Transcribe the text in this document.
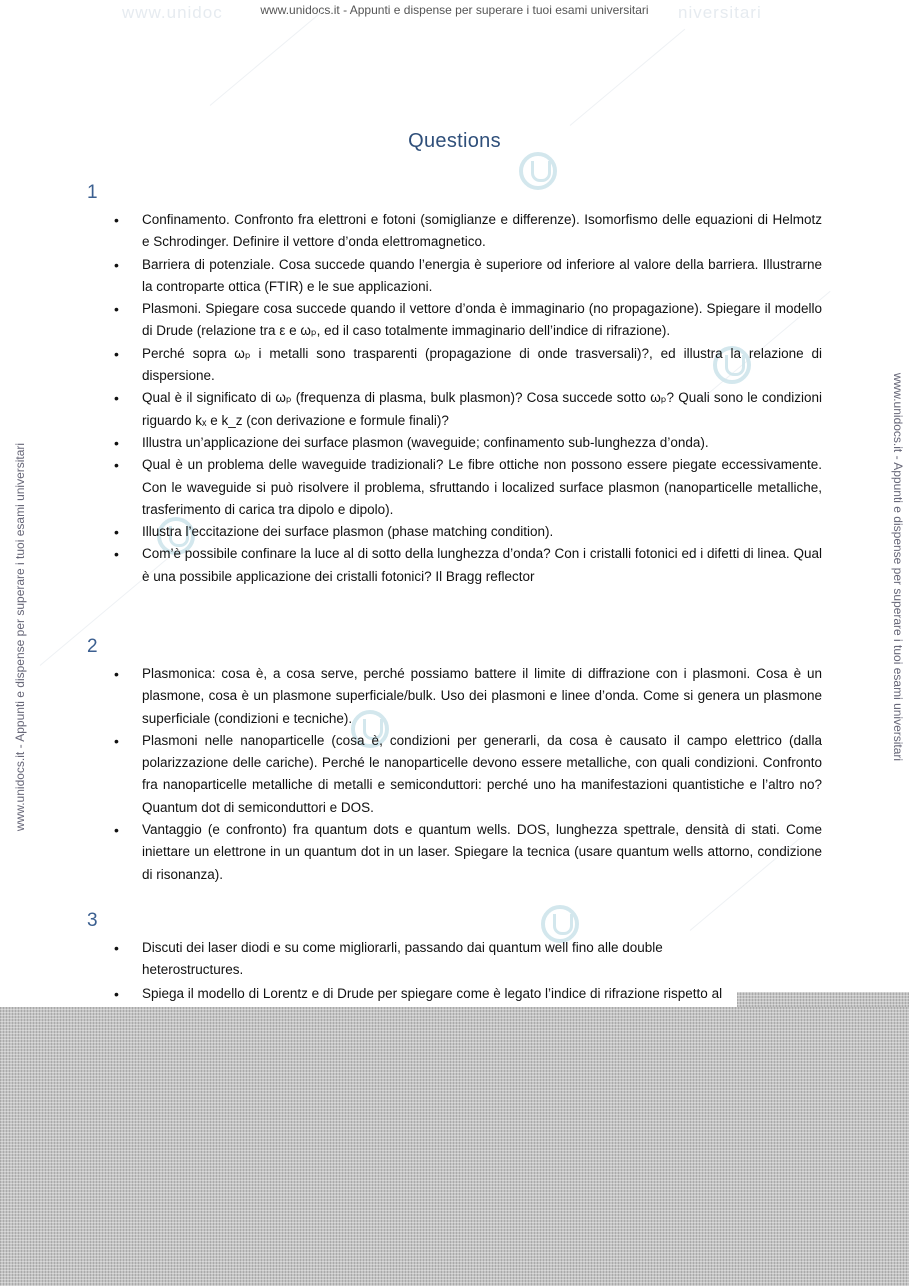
www.unidoc	niversitari
www.unidocs.it - Appunti e dispense per superare i tuoi esami universitari
www.unidocs.it - Appunti e dispense per superare i tuoi esami universitari	www.unidocs.it - Appunti e dispense per superare i tuoi esami universitari
Questions
1
• Confinamento. Confronto fra elettroni e fotoni (somiglianze e differenze). Isomorfismo delle equazioni di Helmotz e Schrodinger. Definire il vettore d’onda elettromagnetico.
• Barriera di potenziale. Cosa succede quando l’energia è superiore od inferiore al valore della barriera. Illustrarne la controparte ottica (FTIR) e le sue applicazioni.
• Plasmoni. Spiegare cosa succede quando il vettore d’onda è immaginario (no propagazione). Spiegare il modello di Drude (relazione tra ε e ωₚ, ed il caso totalmente immaginario dell’indice di rifrazione).
• Perché sopra ωₚ i metalli sono trasparenti (propagazione di onde trasversali)?, ed illustra la relazione di dispersione.
• Qual è il significato di ωₚ (frequenza di plasma, bulk plasmon)? Cosa succede sotto ωₚ? Quali sono le condizioni riguardo kₓ e k_z (con derivazione e formule finali)?
• Illustra un’applicazione dei surface plasmon (waveguide; confinamento sub-lunghezza d’onda).
• Qual è un problema delle waveguide tradizionali? Le fibre ottiche non possono essere piegate eccessivamente. Con le waveguide si può risolvere il problema, sfruttando i localized surface plasmon (nanoparticelle metalliche, trasferimento di carica tra dipolo e dipolo).
• Illustra l’eccitazione dei surface plasmon (phase matching condition).
• Com’è possibile confinare la luce al di sotto della lunghezza d’onda? Con i cristalli fotonici ed i difetti di linea. Qual è una possibile applicazione dei cristalli fotonici? Il Bragg reflector
2
• Plasmonica: cosa è, a cosa serve, perché possiamo battere il limite di diffrazione con i plasmoni. Cosa è un plasmone, cosa è un plasmone superficiale/bulk. Uso dei plasmoni e linee d’onda. Come si genera un plasmone superficiale (condizioni e tecniche).
• Plasmoni nelle nanoparticelle (cosa è, condizioni per generarli, da cosa è causato il campo elettrico (dalla polarizzazione delle cariche). Perché le nanoparticelle devono essere metalliche, con quali condizioni. Confronto fra nanoparticelle metalliche di metalli e semiconduttori: perché uno ha manifestazioni quantistiche e l’altro no? Quantum dot di semiconduttori e DOS.
• Vantaggio (e confronto) fra quantum dots e quantum wells. DOS, lunghezza spettrale, densità di stati. Come iniettare un elettrone in un quantum dot in un laser. Spiegare la tecnica (usare quantum wells attorno, condizione di risonanza).
3
• Discuti dei laser diodi e su come migliorarli, passando dai quantum well fino alle double heterostructures.
• Spiega il modello di Lorentz e di Drude per spiegare come è legato l’indice di rifrazione rispetto al
